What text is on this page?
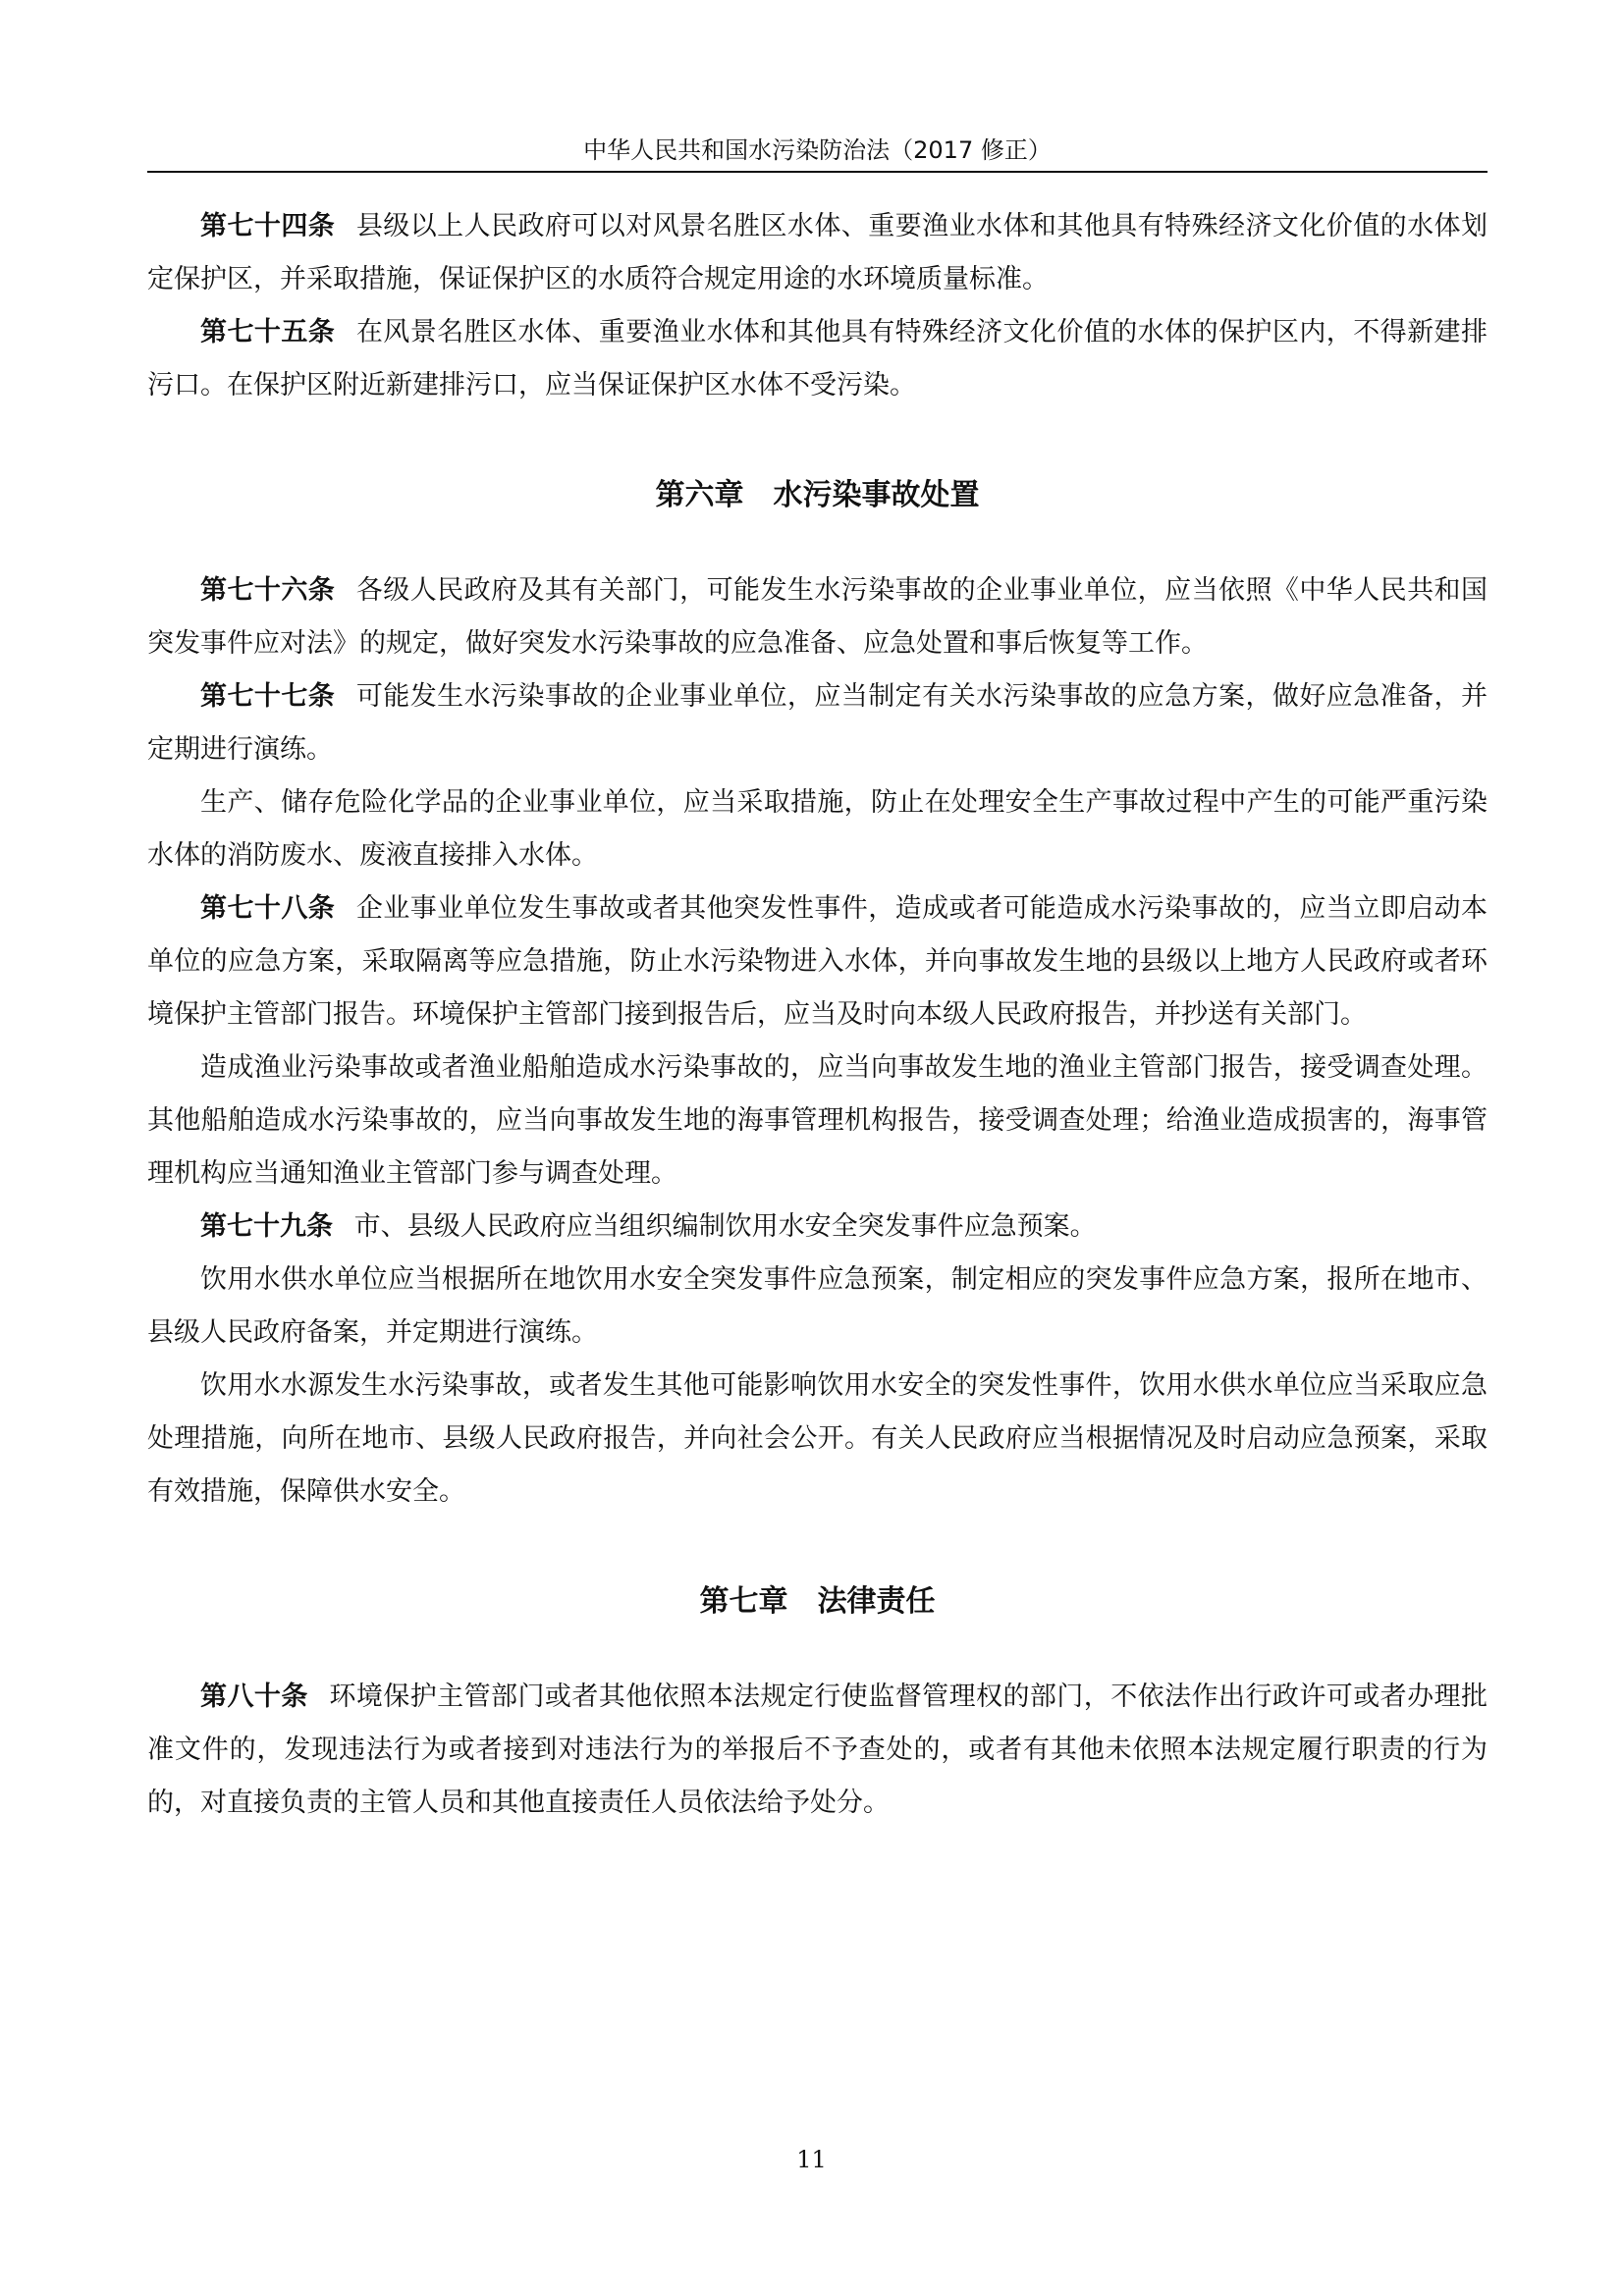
中华人民共和国水污染防治法（2017 修正）

第七十四条 县级以上人民政府可以对风景名胜区水体、重要渔业水体和其他具有特殊经济文化价值的水体划定保护区，并采取措施，保证保护区的水质符合规定用途的水环境质量标准。

第七十五条 在风景名胜区水体、重要渔业水体和其他具有特殊经济文化价值的水体的保护区内，不得新建排污口。在保护区附近新建排污口，应当保证保护区水体不受污染。

第六章 水污染事故处置

第七十六条 各级人民政府及其有关部门，可能发生水污染事故的企业事业单位，应当依照《中华人民共和国突发事件应对法》的规定，做好突发水污染事故的应急准备、应急处置和事后恢复等工作。

第七十七条 可能发生水污染事故的企业事业单位，应当制定有关水污染事故的应急方案，做好应急准备，并定期进行演练。

生产、储存危险化学品的企业事业单位，应当采取措施，防止在处理安全生产事故过程中产生的可能严重污染水体的消防废水、废液直接排入水体。

第七十八条 企业事业单位发生事故或者其他突发性事件，造成或者可能造成水污染事故的，应当立即启动本单位的应急方案，采取隔离等应急措施，防止水污染物进入水体，并向事故发生地的县级以上地方人民政府或者环境保护主管部门报告。环境保护主管部门接到报告后，应当及时向本级人民政府报告，并抄送有关部门。

造成渔业污染事故或者渔业船舶造成水污染事故的，应当向事故发生地的渔业主管部门报告，接受调查处理。其他船舶造成水污染事故的，应当向事故发生地的海事管理机构报告，接受调查处理；给渔业造成损害的，海事管理机构应当通知渔业主管部门参与调查处理。

第七十九条 市、县级人民政府应当组织编制饮用水安全突发事件应急预案。

饮用水供水单位应当根据所在地饮用水安全突发事件应急预案，制定相应的突发事件应急方案，报所在地市、县级人民政府备案，并定期进行演练。

饮用水水源发生水污染事故，或者发生其他可能影响饮用水安全的突发性事件，饮用水供水单位应当采取应急处理措施，向所在地市、县级人民政府报告，并向社会公开。有关人民政府应当根据情况及时启动应急预案，采取有效措施，保障供水安全。

第七章 法律责任

第八十条 环境保护主管部门或者其他依照本法规定行使监督管理权的部门，不依法作出行政许可或者办理批准文件的，发现违法行为或者接到对违法行为的举报后不予查处的，或者有其他未依照本法规定履行职责的行为的，对直接负责的主管人员和其他直接责任人员依法给予处分。

11
